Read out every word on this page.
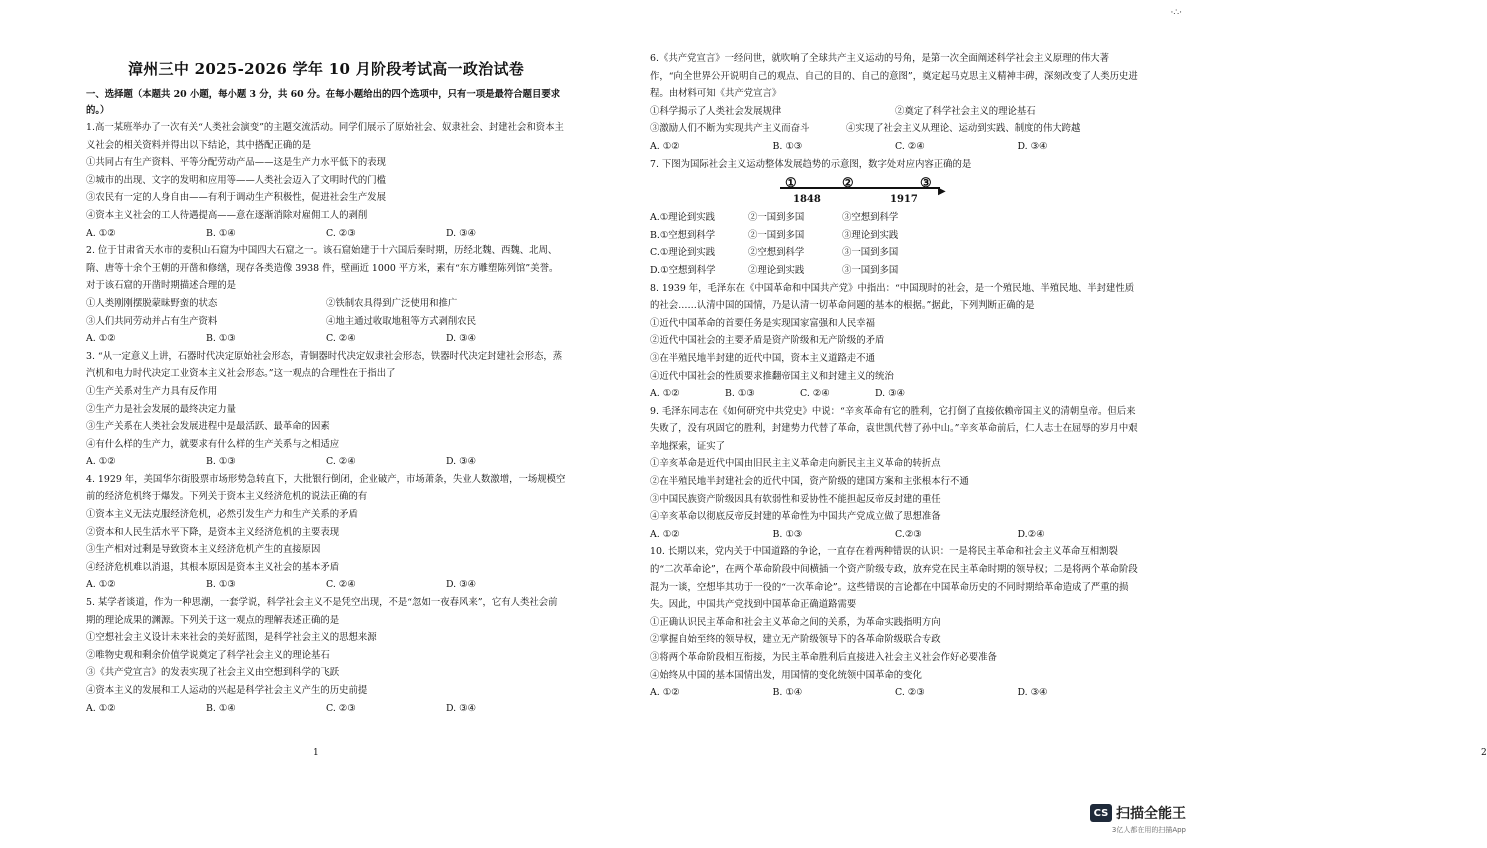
·∴·
漳州三中 2025-2026 学年 10 月阶段考试高一政治试卷
一、选择题（本题共 20 小题，每小题 3 分，共 60 分。在每小题给出的四个选项中，只有一项是最符合题目要求的。）

1.高一某班举办了一次有关“人类社会演变”的主题交流活动。同学们展示了原始社会、奴隶社会、封建社会和资本主义社会的相关资料并得出以下结论，其中搭配正确的是

①共同占有生产资料、平等分配劳动产品——这是生产力水平低下的表现

②城市的出现、文字的发明和应用等——人类社会迈入了文明时代的门槛

③农民有一定的人身自由——有利于调动生产积极性，促进社会生产发展

④资本主义社会的工人待遇提高——意在逐渐消除对雇佣工人的剥削

A. ①②	B. ①④	C. ②③	D. ③④

2. 位于甘肃省天水市的麦积山石窟为中国四大石窟之一。该石窟始建于十六国后秦时期，历经北魏、西魏、北周、隋、唐等十余个王朝的开凿和修缮，现存各类造像 3938 件，壁画近 1000 平方米，素有“东方雕塑陈列馆”美誉。对于该石窟的开凿时期描述合理的是

①人类刚刚摆脱蒙昧野蛮的状态	②铁制农具得到广泛使用和推广
③人们共同劳动并占有生产资料	④地主通过收取地租等方式剥削农民
A. ①②	B. ①③	C. ②④	D. ③④

3. “从一定意义上讲，石器时代决定原始社会形态，青铜器时代决定奴隶社会形态，铁器时代决定封建社会形态，蒸汽机和电力时代决定工业资本主义社会形态。”这一观点的合理性在于指出了

①生产关系对生产力具有反作用

②生产力是社会发展的最终决定力量

③生产关系在人类社会发展进程中是最活跃、最革命的因素

④有什么样的生产力，就要求有什么样的生产关系与之相适应

A. ①②	B. ①③	C. ②④	D. ③④

4. 1929 年，美国华尔街股票市场形势急转直下，大批银行倒闭，企业破产，市场萧条，失业人数激增，一场规模空前的经济危机终于爆发。下列关于资本主义经济危机的说法正确的有

①资本主义无法克服经济危机，必然引发生产力和生产关系的矛盾

②资本和人民生活水平下降，是资本主义经济危机的主要表现

③生产相对过剩是导致资本主义经济危机产生的直接原因

④经济危机难以消退，其根本原因是资本主义社会的基本矛盾

A. ①②	B. ①③	C. ②④	D. ③④

5. 某学者谈道，作为一种思潮，一套学说，科学社会主义不是凭空出现，不是“忽如一夜春风来”，它有人类社会前期的理论成果的渊源。下列关于这一观点的理解表述正确的是

①空想社会主义设计未来社会的美好蓝图，是科学社会主义的思想来源

②唯物史观和剩余价值学说奠定了科学社会主义的理论基石

③《共产党宣言》的发表实现了社会主义由空想到科学的飞跃

④资本主义的发展和工人运动的兴起是科学社会主义产生的历史前提

A. ①②	B. ①④	C. ②③	D. ③④
1	2

6.《共产党宣言》一经问世，就吹响了全球共产主义运动的号角，是第一次全面阐述科学社会主义原理的伟大著作，“向全世界公开说明自己的观点、自己的目的、自己的意图”，奠定起马克思主义精神丰碑，深刻改变了人类历史进程。由材料可知《共产党宣言》

①科学揭示了人类社会发展规律	②奠定了科学社会主义的理论基石
③激励人们不断为实现共产主义而奋斗	④实现了社会主义从理论、运动到实践、制度的伟大跨越
A. ①②	B. ①③	C. ②④	D. ③④

7. 下图为国际社会主义运动整体发展趋势的示意图，数字处对应内容正确的是

▶
①	②	③
1848	1917
A.①理论到实践	②一国到多国	③空想到科学
B.①空想到科学	②一国到多国	③理论到实践
C.①理论到实践	②空想到科学	③一国到多国
D.①空想到科学	②理论到实践	③一国到多国

8. 1939 年，毛泽东在《中国革命和中国共产党》中指出：“中国现时的社会，是一个殖民地、半殖民地、半封建性质的社会……认清中国的国情，乃是认清一切革命问题的基本的根据。”据此，下列判断正确的是

①近代中国革命的首要任务是实现国家富强和人民幸福

②近代中国社会的主要矛盾是资产阶级和无产阶级的矛盾

③在半殖民地半封建的近代中国，资本主义道路走不通

④近代中国社会的性质要求推翻帝国主义和封建主义的统治

A. ①②	B. ①③	C. ②④	D. ③④

9. 毛泽东同志在《如何研究中共党史》中说：“辛亥革命有它的胜利，它打倒了直接依赖帝国主义的清朝皇帝。但后来失败了，没有巩固它的胜利，封建势力代替了革命，袁世凯代替了孙中山。”辛亥革命前后，仁人志士在屈辱的岁月中艰辛地探索，证实了

①辛亥革命是近代中国由旧民主主义革命走向新民主主义革命的转折点

②在半殖民地半封建社会的近代中国，资产阶级的建国方案和主张根本行不通

③中国民族资产阶级因具有软弱性和妥协性不能担起反帝反封建的重任

④辛亥革命以彻底反帝反封建的革命性为中国共产党成立做了思想准备

A. ①②	B. ①③	C.②③	D.②④

10. 长期以来，党内关于中国道路的争论，一直存在着两种错误的认识：一是将民主革命和社会主义革命互相割裂的“二次革命论”，在两个革命阶段中间横插一个资产阶级专政，放弃党在民主革命时期的领导权；二是将两个革命阶段混为一谈，空想毕其功于一役的“一次革命论”。这些错误的言论都在中国革命历史的不同时期给革命造成了严重的损失。因此，中国共产党找到中国革命正确道路需要

①正确认识民主革命和社会主义革命之间的关系，为革命实践指明方向

②掌握自始至终的领导权，建立无产阶级领导下的各革命阶级联合专政

③将两个革命阶段相互衔接，为民主革命胜利后直接进入社会主义社会作好必要准备

④始终从中国的基本国情出发，用国情的变化统领中国革命的变化

A. ①②	B. ①④	C. ②③	D. ③④
CS 扫描全能王
3亿人都在用的扫描App
